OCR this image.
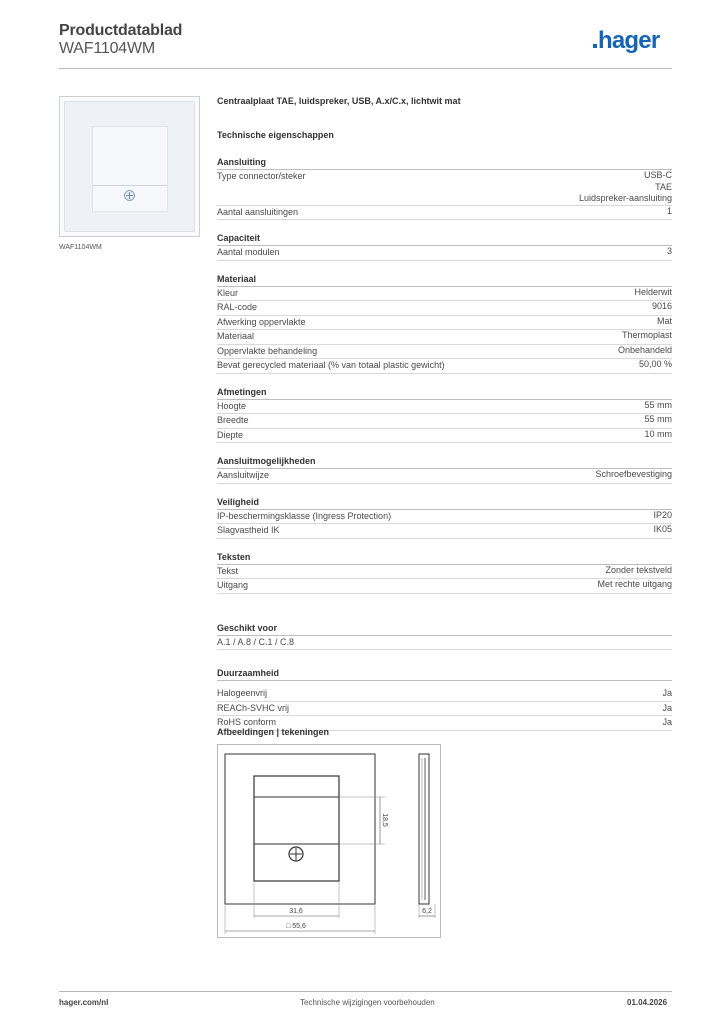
Productdatablad
WAF1104WM	hager
WAF1104WM
Centraalplaat TAE, luidspreker, USB, A.x/C.x, lichtwit mat
Technische eigenschappen
Aansluiting
Type connector/steker	USB-C
TAE
Luidspreker-aansluiting
Aantal aansluitingen	1
Capaciteit
Aantal modulen	3
Materiaal
Kleur	Helderwit
RAL-code	9016
Afwerking oppervlakte	Mat
Materiaal	Thermoplast
Oppervlakte behandeling	Onbehandeld
Bevat gerecycled materiaal (% van totaal plastic gewicht)	50,00 %
Afmetingen
Hoogte	55 mm
Breedte	55 mm
Diepte	10 mm
Aansluitmogelijkheden
Aansluitwijze	Schroefbevestiging
Veiligheid
IP-beschermingsklasse (Ingress Protection)	IP20
Slagvastheid IK	IK05
Teksten
Tekst	Zonder tekstveld
Uitgang	Met rechte uitgang
Geschikt voor
A.1 / A.8 / C.1 / C.8
Duurzaamheid
Halogeenvrij	Ja
REACh-SVHC vrij	Ja
RoHS conform	Ja
Afbeeldingen | tekeningen
18,5
31,6
□ 55,6
6,2
hager.com/nl	Technische wijzigingen voorbehouden	01.04.2026
